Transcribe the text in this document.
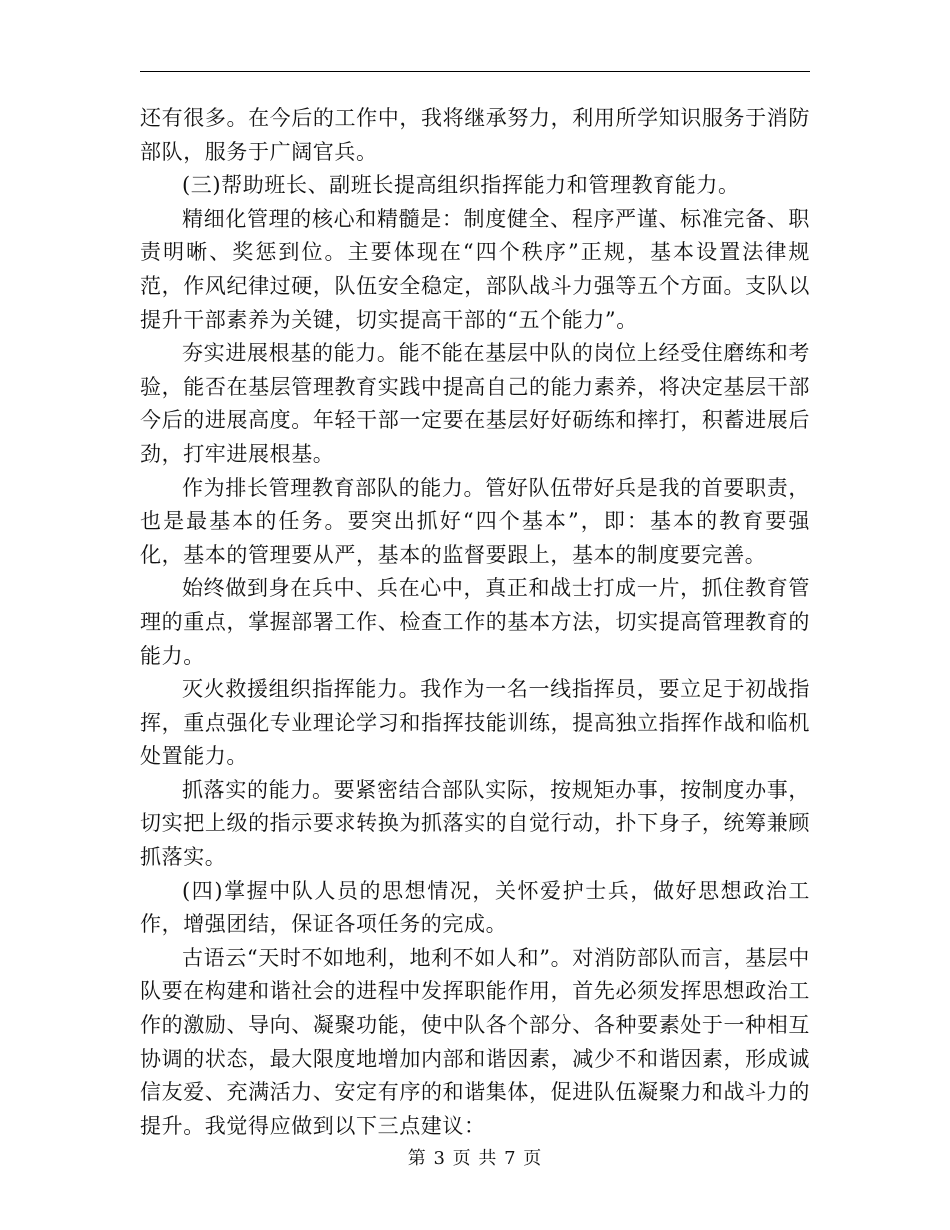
还有很多。在今后的工作中，我将继承努力，利用所学知识服务于消防部队，服务于广阔官兵。

(三)帮助班长、副班长提高组织指挥能力和管理教育能力。

精细化管理的核心和精髓是：制度健全、程序严谨、标准完备、职责明晰、奖惩到位。主要体现在“四个秩序”正规，基本设置法律规范，作风纪律过硬，队伍安全稳定，部队战斗力强等五个方面。支队以提升干部素养为关键，切实提高干部的“五个能力”。

夯实进展根基的能力。能不能在基层中队的岗位上经受住磨练和考验，能否在基层管理教育实践中提高自己的能力素养，将决定基层干部今后的进展高度。年轻干部一定要在基层好好砺练和摔打，积蓄进展后劲，打牢进展根基。

作为排长管理教育部队的能力。管好队伍带好兵是我的首要职责，也是最基本的任务。要突出抓好“四个基本”，即：基本的教育要强化，基本的管理要从严，基本的监督要跟上，基本的制度要完善。

始终做到身在兵中、兵在心中，真正和战士打成一片，抓住教育管理的重点，掌握部署工作、检查工作的基本方法，切实提高管理教育的能力。

灭火救援组织指挥能力。我作为一名一线指挥员，要立足于初战指挥，重点强化专业理论学习和指挥技能训练，提高独立指挥作战和临机处置能力。

抓落实的能力。要紧密结合部队实际，按规矩办事，按制度办事，切实把上级的指示要求转换为抓落实的自觉行动，扑下身子，统筹兼顾抓落实。

(四)掌握中队人员的思想情况，关怀爱护士兵，做好思想政治工作，增强团结，保证各项任务的完成。

古语云“天时不如地利，地利不如人和”。对消防部队而言，基层中队要在构建和谐社会的进程中发挥职能作用，首先必须发挥思想政治工作的激励、导向、凝聚功能，使中队各个部分、各种要素处于一种相互协调的状态，最大限度地增加内部和谐因素，减少不和谐因素，形成诚信友爱、充满活力、安定有序的和谐集体，促进队伍凝聚力和战斗力的提升。我觉得应做到以下三点建议：

第 3 页 共 7 页
